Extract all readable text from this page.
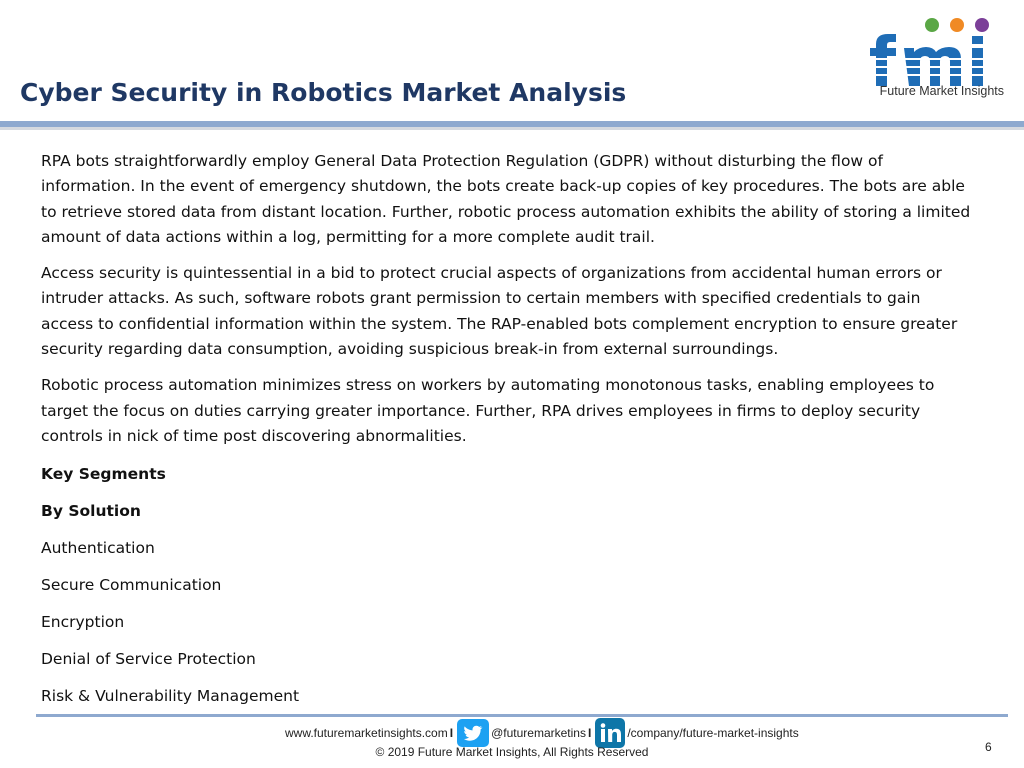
Cyber Security in Robotics Market Analysis	Future Market Insights

RPA bots straightforwardly employ General Data Protection Regulation (GDPR) without disturbing the flow of information. In the event of emergency shutdown, the bots create back-up copies of key procedures. The bots are able to retrieve stored data from distant location. Further, robotic process automation exhibits the ability of storing a limited amount of data actions within a log, permitting for a more complete audit trail.

Access security is quintessential in a bid to protect crucial aspects of organizations from accidental human errors or intruder attacks. As such, software robots grant permission to certain members with specified credentials to gain access to confidential information within the system. The RAP-enabled bots complement encryption to ensure greater security regarding data consumption, avoiding suspicious break-in from external surroundings.

Robotic process automation minimizes stress on workers by automating monotonous tasks, enabling employees to target the focus on duties carrying greater importance. Further, RPA drives employees in firms to deploy security controls in nick of time post discovering abnormalities.

Key Segments
By Solution
Authentication
Secure Communication
Encryption
Denial of Service Protection
Risk & Vulnerability Management
www.futuremarketinsights.com I	@futuremarketins I	/company/future-market-insights
© 2019 Future Market Insights, All Rights Reserved	6
